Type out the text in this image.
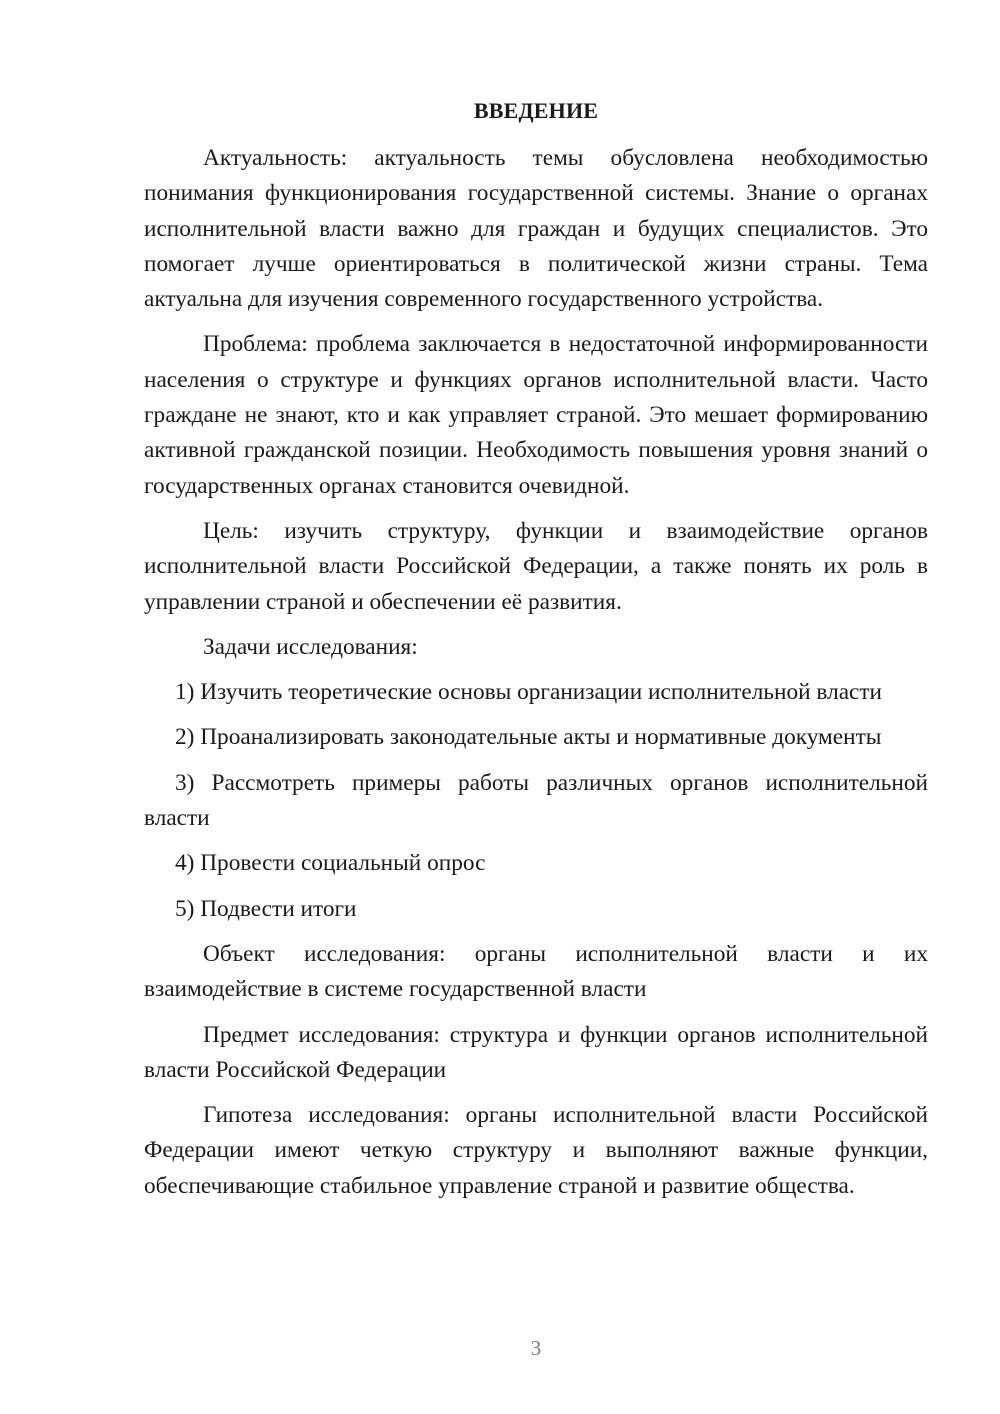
ВВЕДЕНИЕ

Актуальность: актуальность темы обусловлена необходимостью понимания функционирования государственной системы. Знание о органах исполнительной власти важно для граждан и будущих специалистов. Это помогает лучше ориентироваться в политической жизни страны. Тема актуальна для изучения современного государственного устройства.

Проблема: проблема заключается в недостаточной информированности населения о структуре и функциях органов исполнительной власти. Часто граждане не знают, кто и как управляет страной. Это мешает формированию активной гражданской позиции. Необходимость повышения уровня знаний о государственных органах становится очевидной.

Цель: изучить структуру, функции и взаимодействие органов исполнительной власти Российской Федерации, а также понять их роль в управлении страной и обеспечении её развития.

Задачи исследования:

1) Изучить теоретические основы организации исполнительной власти

2) Проанализировать законодательные акты и нормативные документы

3) Рассмотреть примеры работы различных органов исполнительной власти

4) Провести социальный опрос

5) Подвести итоги

Объект исследования: органы исполнительной власти и их взаимодействие в системе государственной власти

Предмет исследования: структура и функции органов исполнительной власти Российской Федерации

Гипотеза исследования: органы исполнительной власти Российской Федерации имеют четкую структуру и выполняют важные функции, обеспечивающие стабильное управление страной и развитие общества.

3
